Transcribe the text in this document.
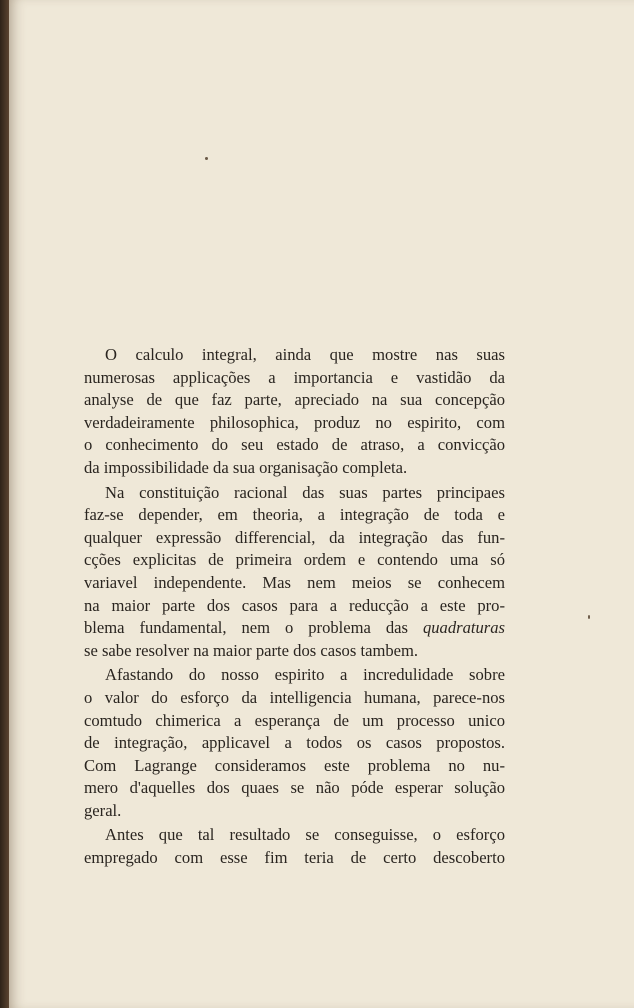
O calculo integral, ainda que mostre nas suas
numerosas applicações a importancia e vastidão da
analyse de que faz parte, apreciado na sua concepção
verdadeiramente philosophica, produz no espirito, com
o conhecimento do seu estado de atraso, a convicção
da impossibilidade da sua organisação completa.

Na constituição racional das suas partes principaes
faz-se depender, em theoria, a integração de toda e
qualquer expressão differencial, da integração das fun-
cções explicitas de primeira ordem e contendo uma só
variavel independente. Mas nem meios se conhecem
na maior parte dos casos para a reducção a este pro-
blema fundamental, nem o problema das quadraturas
se sabe resolver na maior parte dos casos tambem.

Afastando do nosso espirito a incredulidade sobre
o valor do esforço da intelligencia humana, parece-nos
comtudo chimerica a esperança de um processo unico
de integração, applicavel a todos os casos propostos.
Com Lagrange consideramos este problema no nu-
mero d'aquelles dos quaes se não póde esperar solução
geral.

Antes que tal resultado se conseguisse, o esforço
empregado com esse fim teria de certo descoberto
